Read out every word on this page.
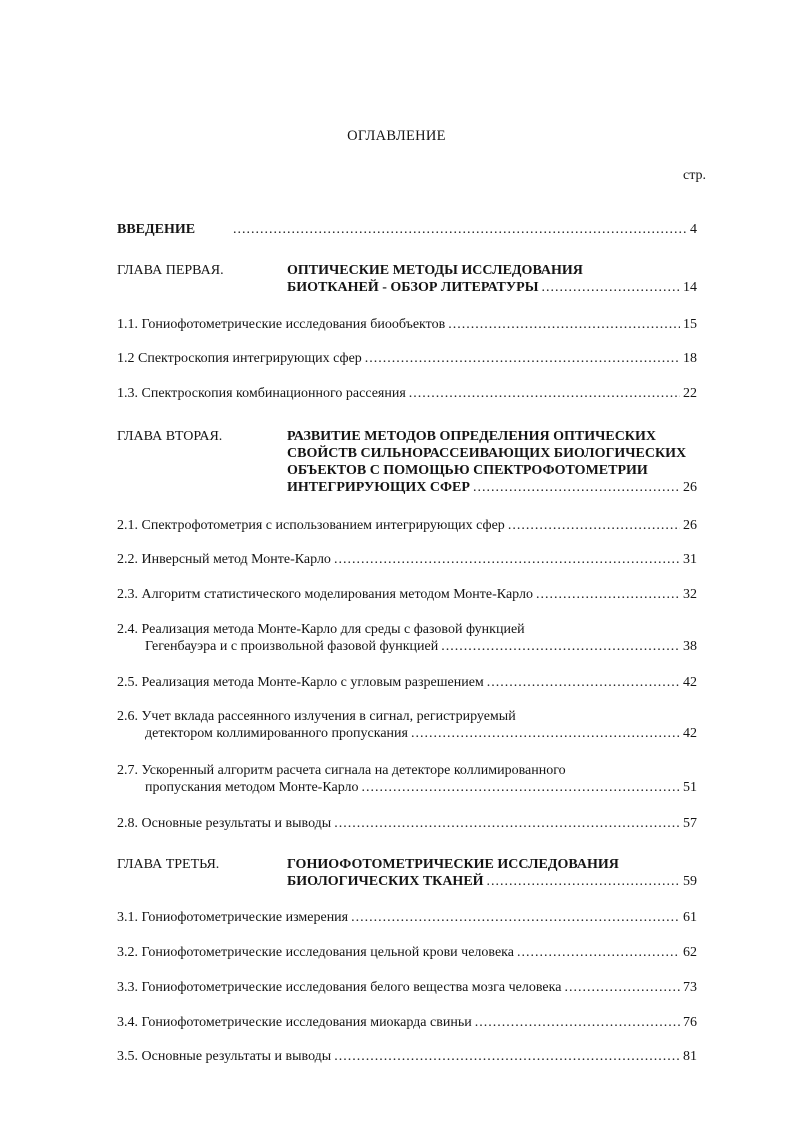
ОГЛАВЛЕНИЕ
стр.
ВВЕДЕНИЕ .....	4
ГЛАВА ПЕРВАЯ.	ОПТИЧЕСКИЕ МЕТОДЫ ИССЛЕДОВАНИЯ
БИОТКАНЕЙ - ОБЗОР ЛИТЕРАТУРЫ .....	14
1.1. Гониофотометрические исследования биообъектов .....	15
1.2 Спектроскопия интегрирующих сфер .....	18
1.3. Спектроскопия комбинационного рассеяния .....	22
ГЛАВА ВТОРАЯ.	РАЗВИТИЕ МЕТОДОВ ОПРЕДЕЛЕНИЯ ОПТИЧЕСКИХ
СВОЙСТВ СИЛЬНОРАССЕИВАЮЩИХ БИОЛОГИЧЕСКИХ
ОБЪЕКТОВ С ПОМОЩЬЮ СПЕКТРОФОТОМЕТРИИ
ИНТЕГРИРУЮЩИХ СФЕР .....	26
2.1. Спектрофотометрия с использованием интегрирующих сфер .....	26
2.2. Инверсный метод Монте-Карло .....	31
2.3. Алгоритм статистического моделирования методом Монте-Карло .....	32
2.4. Реализация метода Монте-Карло для среды с фазовой функцией
Гегенбауэра и с произвольной фазовой функцией .....	38
2.5. Реализация метода Монте-Карло с угловым разрешением .....	42
2.6. Учет вклада рассеянного излучения в сигнал, регистрируемый
детектором коллимированного пропускания .....	42
2.7. Ускоренный алгоритм расчета сигнала на детекторе коллимированного
пропускания методом Монте-Карло .....	51
2.8. Основные результаты и выводы .....	57
ГЛАВА ТРЕТЬЯ.	ГОНИОФОТОМЕТРИЧЕСКИЕ ИССЛЕДОВАНИЯ
БИОЛОГИЧЕСКИХ ТКАНЕЙ .....	59
3.1. Гониофотометрические измерения .....	61
3.2. Гониофотометрические исследования цельной крови человека .....	62
3.3. Гониофотометрические исследования белого вещества мозга человека .....	73
3.4. Гониофотометрические исследования миокарда свиньи .....	76
3.5. Основные результаты и выводы .....	81
